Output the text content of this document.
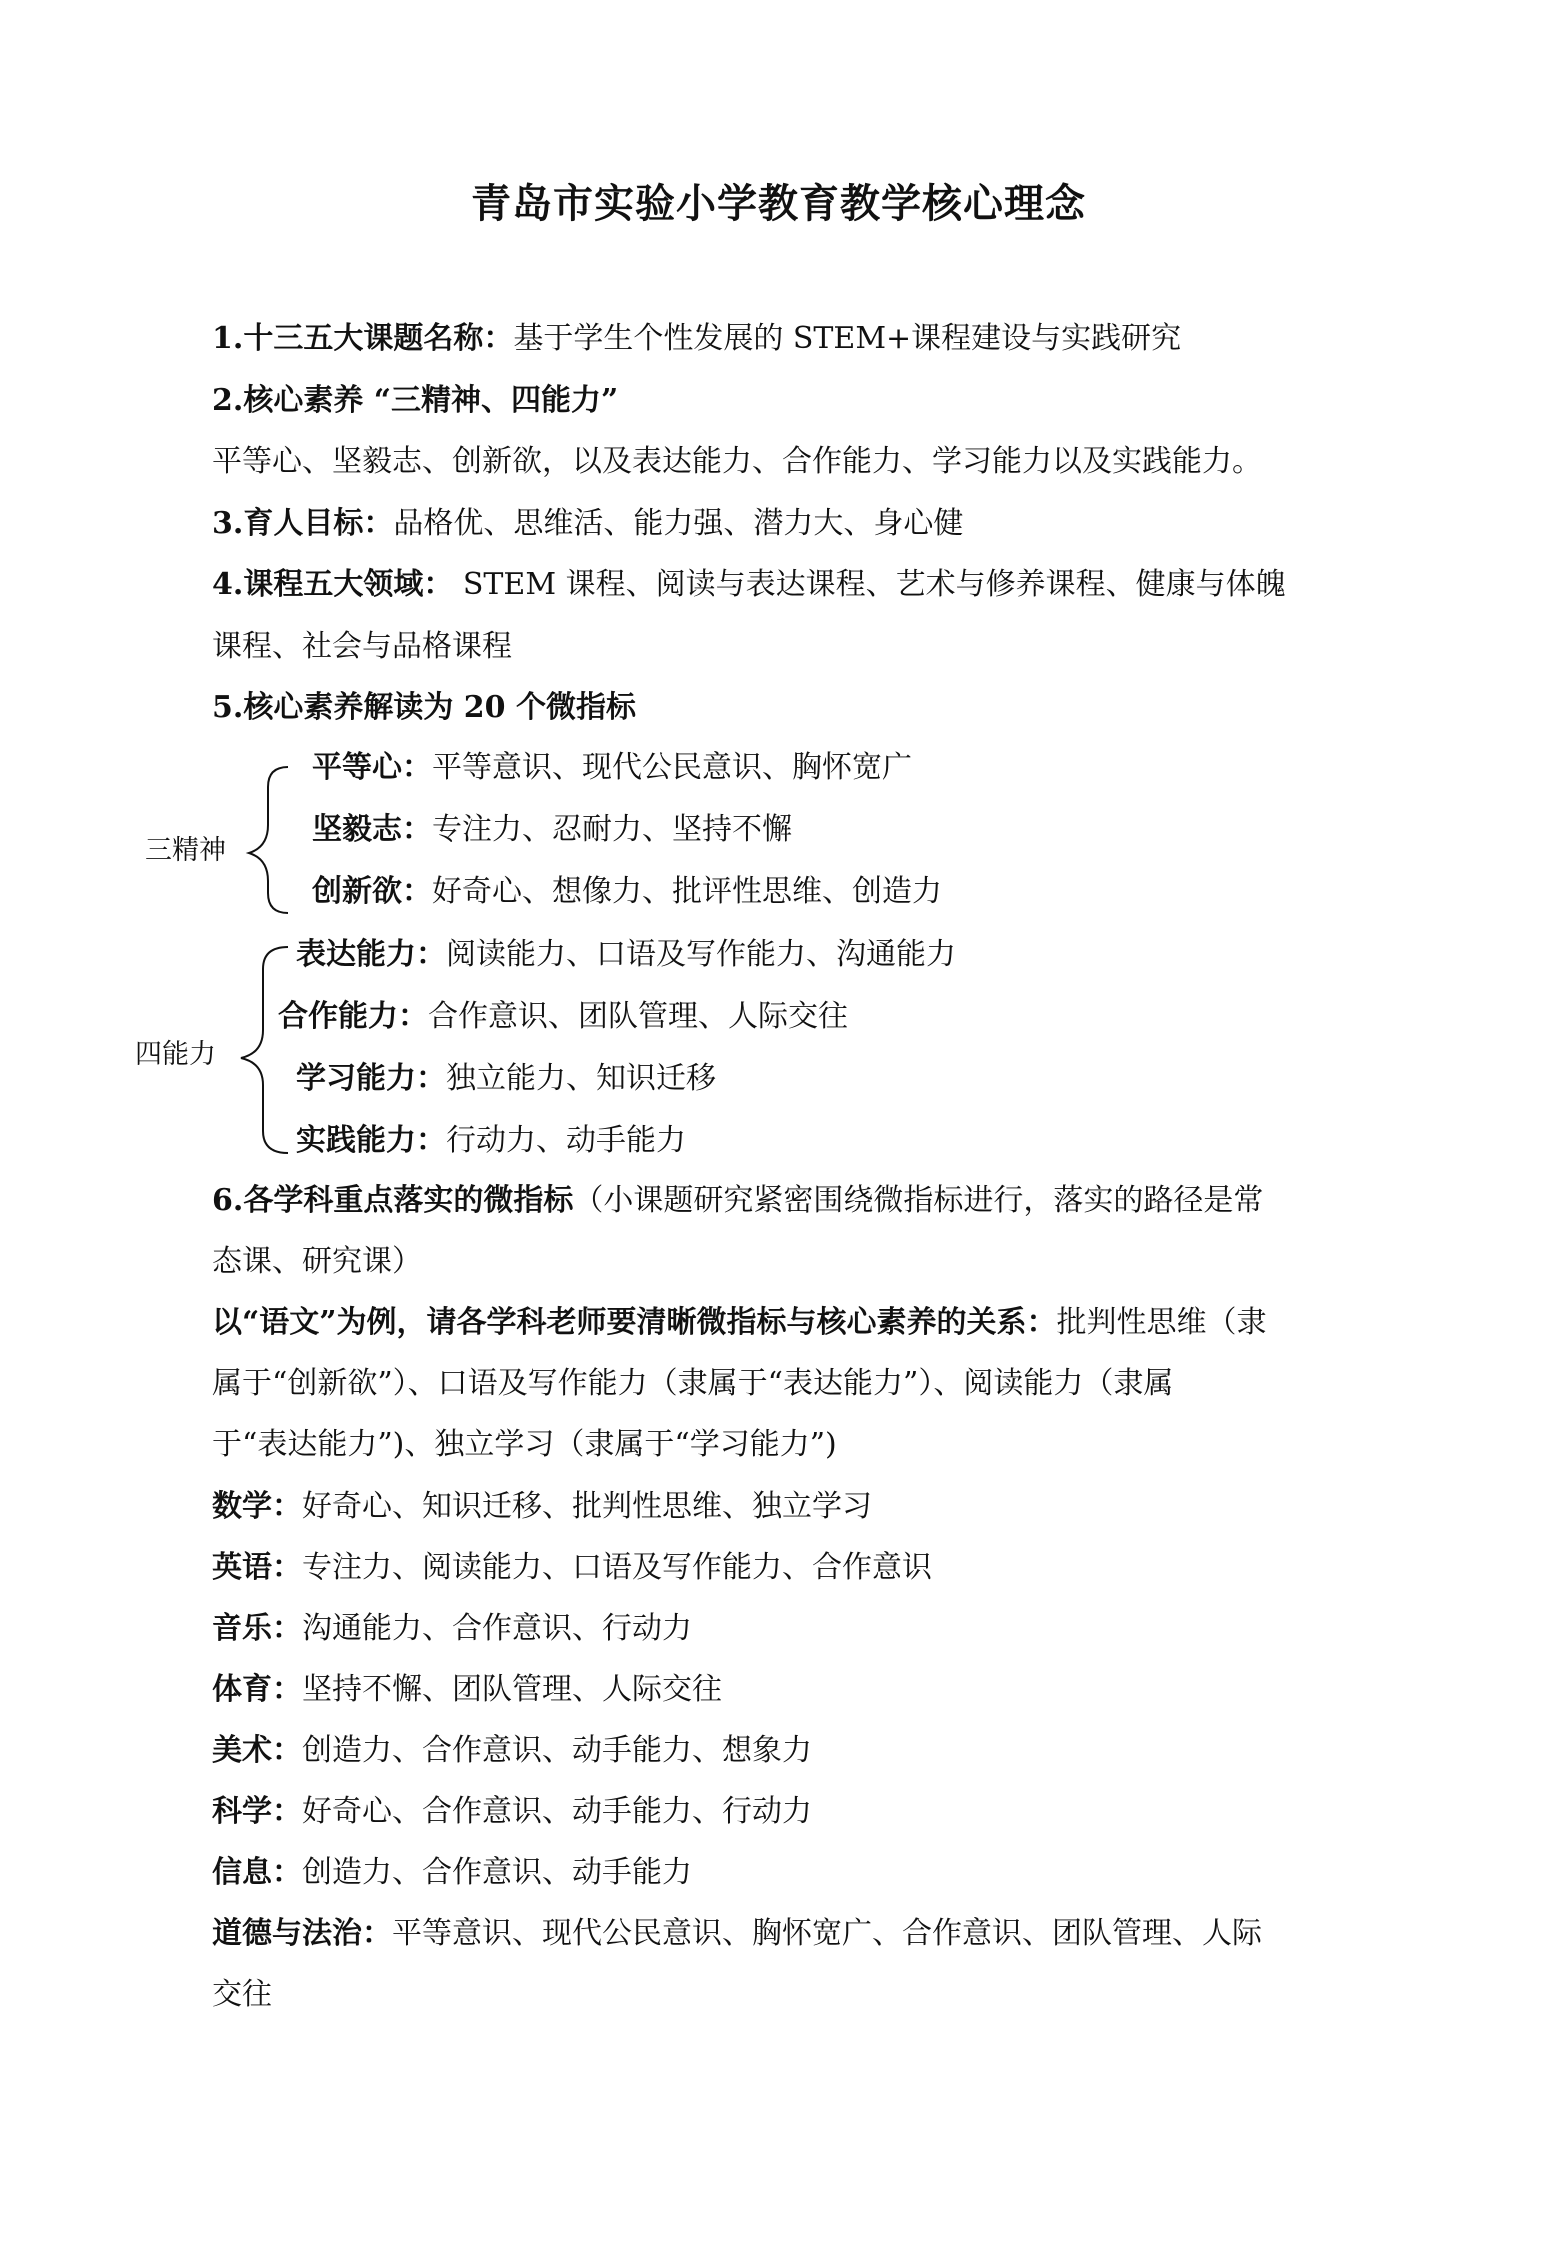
青岛市实验小学教育教学核心理念
1.十三五大课题名称：基于学生个性发展的 STEM+课程建设与实践研究
2.核心素养 “三精神、四能力”
平等心、坚毅志、创新欲，以及表达能力、合作能力、学习能力以及实践能力。
3.育人目标：品格优、思维活、能力强、潜力大、身心健
4.课程五大领域： STEM 课程、阅读与表达课程、艺术与修养课程、健康与体魄
课程、社会与品格课程
5.核心素养解读为 20 个微指标
三精神
平等心：平等意识、现代公民意识、胸怀宽广
坚毅志：专注力、忍耐力、坚持不懈
创新欲：好奇心、想像力、批评性思维、创造力
四能力
表达能力：阅读能力、口语及写作能力、沟通能力
合作能力：合作意识、团队管理、人际交往
学习能力：独立能力、知识迁移
实践能力：行动力、动手能力
6.各学科重点落实的微指标（小课题研究紧密围绕微指标进行，落实的路径是常
态课、研究课）
以“语文”为例，请各学科老师要清晰微指标与核心素养的关系：批判性思维（隶
属于“创新欲”）、口语及写作能力（隶属于“表达能力”）、阅读能力（隶属
于“表达能力”)、独立学习（隶属于“学习能力”)
数学：好奇心、知识迁移、批判性思维、独立学习
英语：专注力、阅读能力、口语及写作能力、合作意识
音乐：沟通能力、合作意识、行动力
体育：坚持不懈、团队管理、人际交往
美术：创造力、合作意识、动手能力、想象力
科学：好奇心、合作意识、动手能力、行动力
信息：创造力、合作意识、动手能力
道德与法治：平等意识、现代公民意识、胸怀宽广、合作意识、团队管理、人际
交往
